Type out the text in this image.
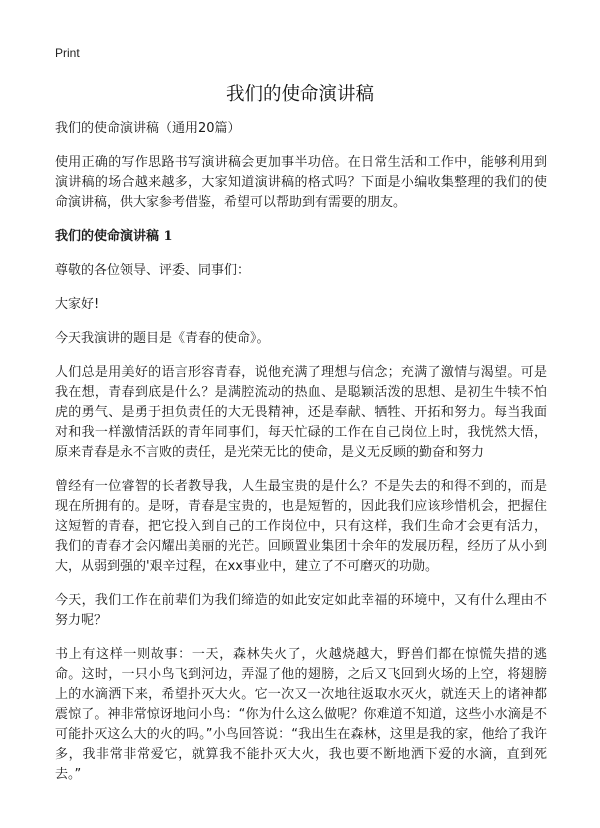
Print
我们的使命演讲稿

我们的使命演讲稿（通用20篇）

使用正确的写作思路书写演讲稿会更加事半功倍。在日常生活和工作中，能够利用到演讲稿的场合越来越多，大家知道演讲稿的格式吗？下面是小编收集整理的我们的使命演讲稿，供大家参考借鉴，希望可以帮助到有需要的朋友。

我们的使命演讲稿 1

尊敬的各位领导、评委、同事们：

大家好!

今天我演讲的题目是《青春的使命》。

人们总是用美好的语言形容青春，说他充满了理想与信念；充满了激情与渴望。可是我在想，青春到底是什么？是满腔流动的热血、是聪颖活泼的思想、是初生牛犊不怕虎的勇气、是勇于担负责任的大无畏精神，还是奉献、牺牲、开拓和努力。每当我面对和我一样激情活跃的青年同事们，每天忙碌的工作在自己岗位上时，我恍然大悟，原来青春是永不言败的责任，是光荣无比的使命，是义无反顾的勤奋和努力

曾经有一位睿智的长者教导我，人生最宝贵的是什么？不是失去的和得不到的，而是现在所拥有的。是呀，青春是宝贵的，也是短暂的，因此我们应该珍惜机会，把握住这短暂的青春，把它投入到自己的工作岗位中，只有这样，我们生命才会更有活力，我们的青春才会闪耀出美丽的光芒。回顾置业集团十余年的发展历程，经历了从小到大，从弱到强的'艰辛过程，在xx事业中，建立了不可磨灭的功勋。

今天，我们工作在前辈们为我们缔造的如此安定如此幸福的环境中，又有什么理由不努力呢？

书上有这样一则故事：一天，森林失火了，火越烧越大，野兽们都在惊慌失措的逃命。这时，一只小鸟飞到河边，弄湿了他的翅膀，之后又飞回到火场的上空，将翅膀上的水滴洒下来，希望扑灭大火。它一次又一次地往返取水灭火，就连天上的诸神都震惊了。神非常惊讶地问小鸟：“你为什么这么做呢？你难道不知道，这些小水滴是不可能扑灭这么大的火的吗。”小鸟回答说：“我出生在森林，这里是我的家，他给了我许多，我非常非常爱它，就算我不能扑灭大火，我也要不断地洒下爱的水滴，直到死去。”
